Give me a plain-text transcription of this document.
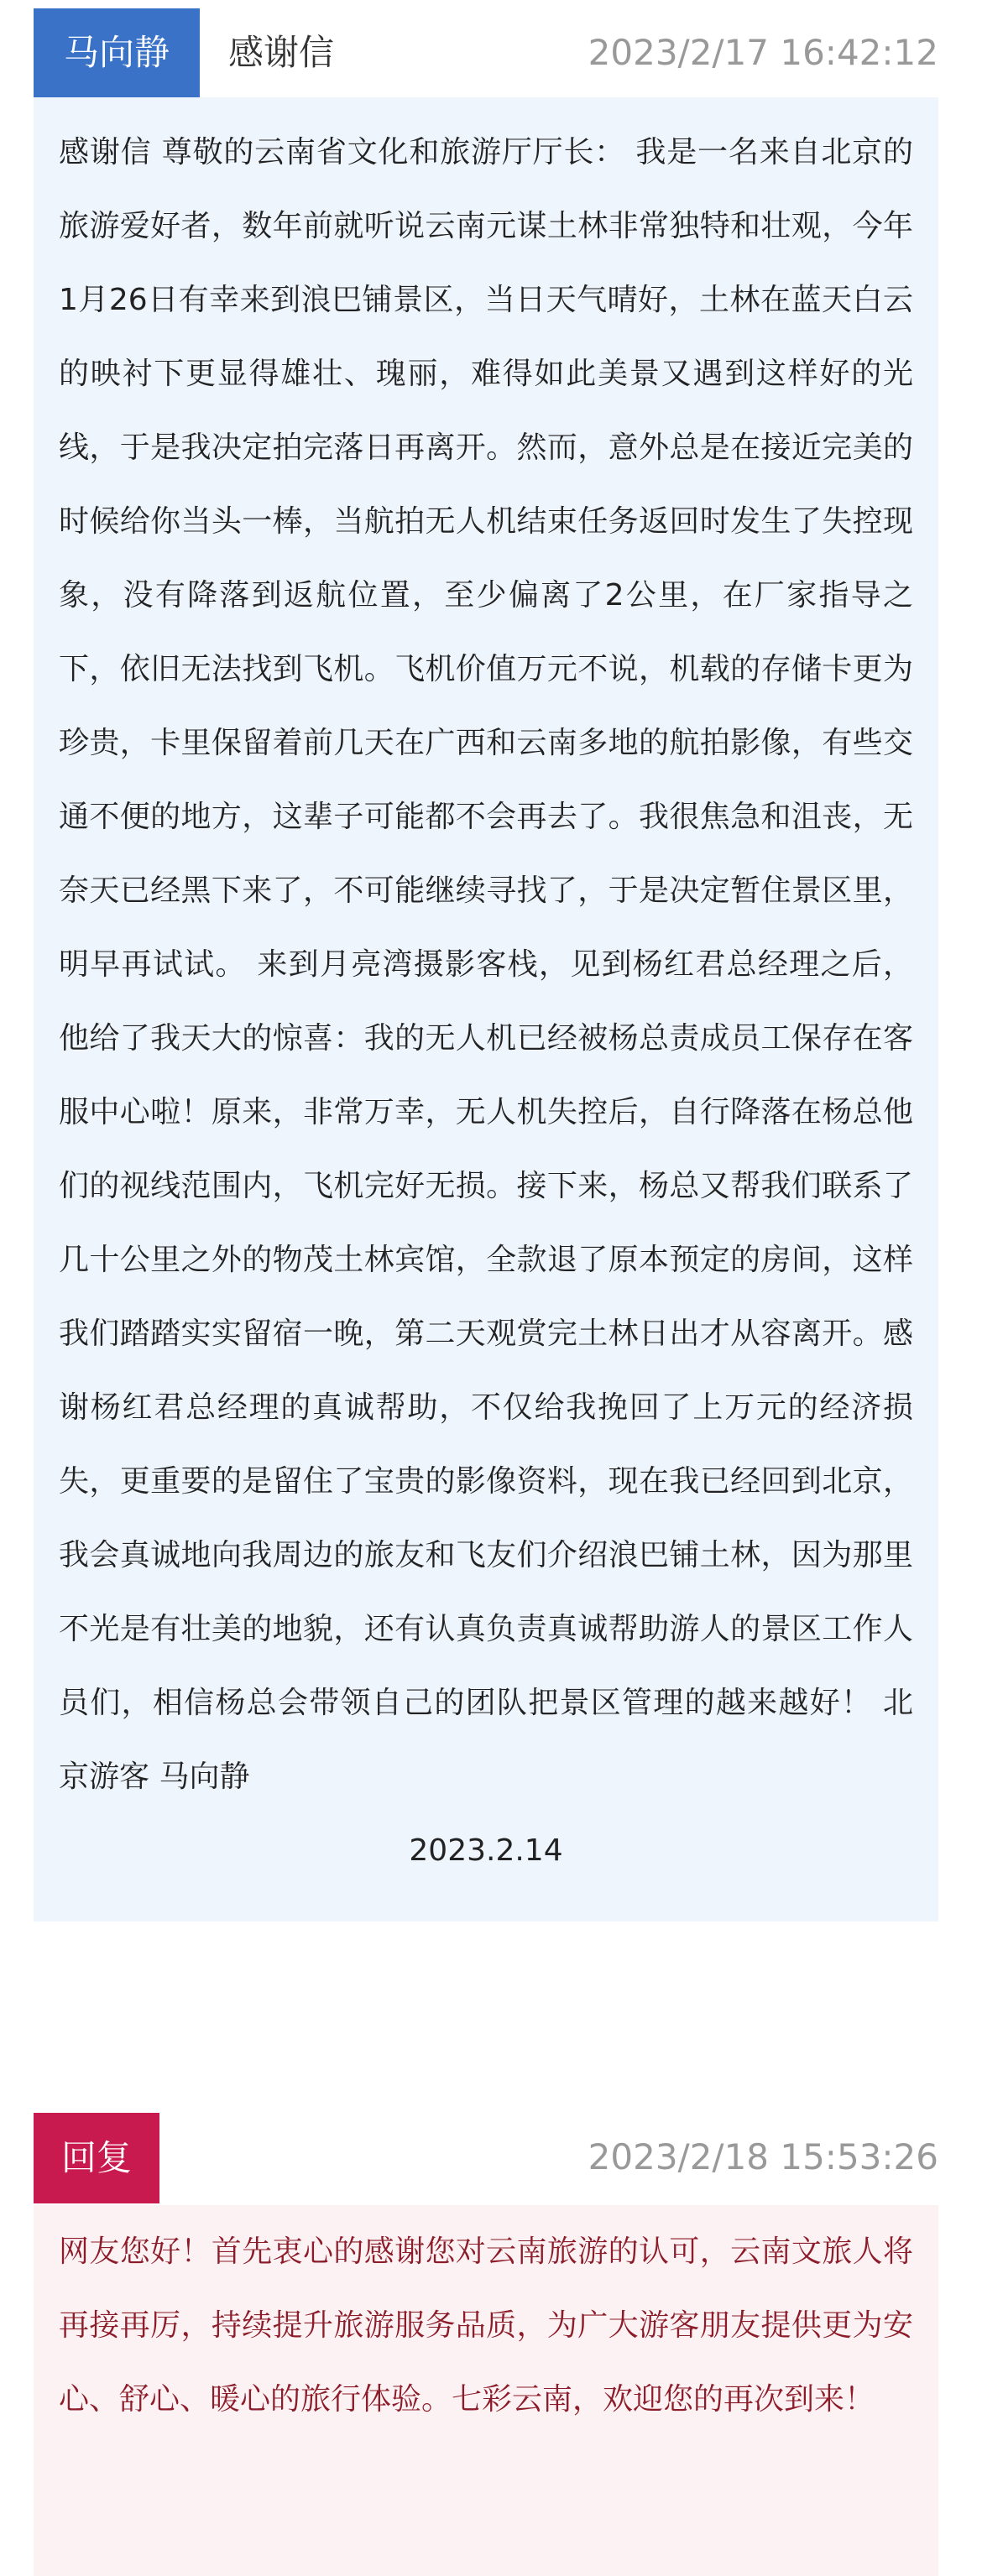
马向静	感谢信	2023/2/17 16:42:12
感谢信 尊敬的云南省文化和旅游厅厅长： 我是一名来自北京的旅游爱好者，数年前就听说云南元谋土林非常独特和壮观，今年1月26日有幸来到浪巴铺景区，当日天气晴好，土林在蓝天白云的映衬下更显得雄壮、瑰丽，难得如此美景又遇到这样好的光线，于是我决定拍完落日再离开。然而，意外总是在接近完美的时候给你当头一棒，当航拍无人机结束任务返回时发生了失控现象，没有降落到返航位置，至少偏离了2公里，在厂家指导之下，依旧无法找到飞机。飞机价值万元不说，机载的存储卡更为珍贵，卡里保留着前几天在广西和云南多地的航拍影像，有些交通不便的地方，这辈子可能都不会再去了。我很焦急和沮丧，无奈天已经黑下来了，不可能继续寻找了，于是决定暂住景区里，明早再试试。 来到月亮湾摄影客栈，见到杨红君总经理之后，他给了我天大的惊喜：我的无人机已经被杨总责成员工保存在客服中心啦！原来，非常万幸，无人机失控后，自行降落在杨总他们的视线范围内，飞机完好无损。接下来，杨总又帮我们联系了几十公里之外的物茂土林宾馆，全款退了原本预定的房间，这样我们踏踏实实留宿一晚，第二天观赏完土林日出才从容离开。感谢杨红君总经理的真诚帮助，不仅给我挽回了上万元的经济损失，更重要的是留住了宝贵的影像资料，现在我已经回到北京，我会真诚地向我周边的旅友和飞友们介绍浪巴铺土林，因为那里不光是有壮美的地貌，还有认真负责真诚帮助游人的景区工作人员们，相信杨总会带领自己的团队把景区管理的越来越好！ 北京游客 马向静
2023.2.14
回复	2023/2/18 15:53:26
网友您好！首先衷心的感谢您对云南旅游的认可，云南文旅人将再接再厉，持续提升旅游服务品质，为广大游客朋友提供更为安心、舒心、暖心的旅行体验。七彩云南，欢迎您的再次到来！
